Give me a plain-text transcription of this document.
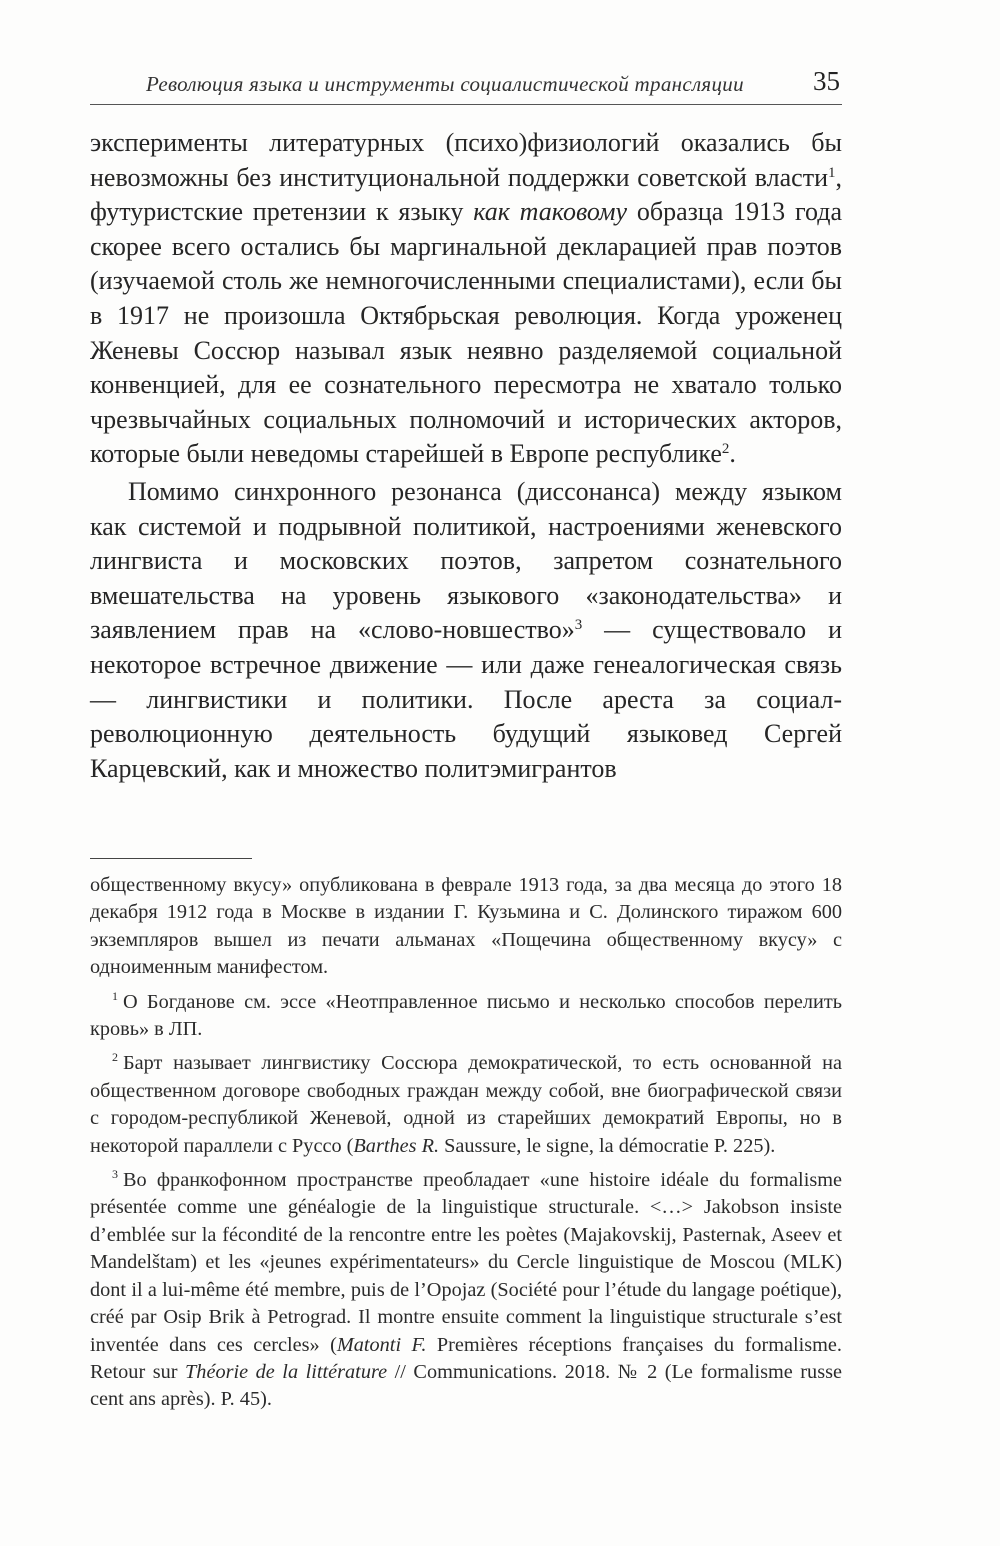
Революция языка и инструменты социалистической трансляции	35

эксперименты литературных (психо)физиологий оказались бы невозможны без институциональной поддержки советской власти$^1$, футуристские претензии к языку как таковому образца 1913 года скорее всего остались бы маргинальной декларацией прав поэтов (изучаемой столь же немногочисленными специалистами), если бы в 1917 не произошла Октябрьская революция. Когда уроженец Женевы Соссюр называл язык неявно разделяемой социальной конвенцией, для ее сознательного пересмотра не хватало только чрезвычайных социальных полномочий и исторических акторов, которые были неведомы старейшей в Европе республике$^2$.

Помимо синхронного резонанса (диссонанса) между языком как системой и подрывной политикой, настроениями женевского лингвиста и московских поэтов, запретом сознательного вмешательства на уровень языкового «законодательства» и заявлением прав на «слово-новшество»$^3$ — существовало и некоторое встречное движение — или даже генеалогическая связь — лингвистики и политики. После ареста за социал-революционную деятельность будущий языковед Сергей Карцевский, как и множество политэмигрантов

общественному вкусу» опубликована в феврале 1913 года, за два месяца до этого 18 декабря 1912 года в Москве в издании Г. Кузьмина и С. Долинского тиражом 600 экземпляров вышел из печати альманах «Пощечина общественному вкусу» с одноименным манифестом.

$^1$ О Богданове см. эссе «Неотправленное письмо и несколько способов перелить кровь» в ЛП.

$^2$ Барт называет лингвистику Соссюра демократической, то есть основанной на общественном договоре свободных граждан между собой, вне биографической связи с городом-республикой Женевой, одной из старейших демократий Европы, но в некоторой параллели с Руссо (Barthes R. Saussure, le signe, la démocratie P. 225).

$^3$ Во франкофонном пространстве преобладает «une histoire idéale du formalisme présentée comme une généalogie de la linguistique structurale. <…> Jakobson insiste d’emblée sur la fécondité de la rencontre entre les poètes (Majakovskij, Pasternak, Aseev et Mandelštam) et les «jeunes expérimentateurs» du Cercle linguistique de Moscou (MLK) dont il a lui-même été membre, puis de l’Opojaz (Société pour l’étude du langage poétique), créé par Osip Brik à Petrograd. Il montre ensuite comment la linguistique structurale s’est inventée dans ces cercles» (Matonti F. Premières réceptions françaises du formalisme. Retour sur Théorie de la littérature // Communications. 2018. № 2 (Le formalisme russe cent ans après). P. 45).
